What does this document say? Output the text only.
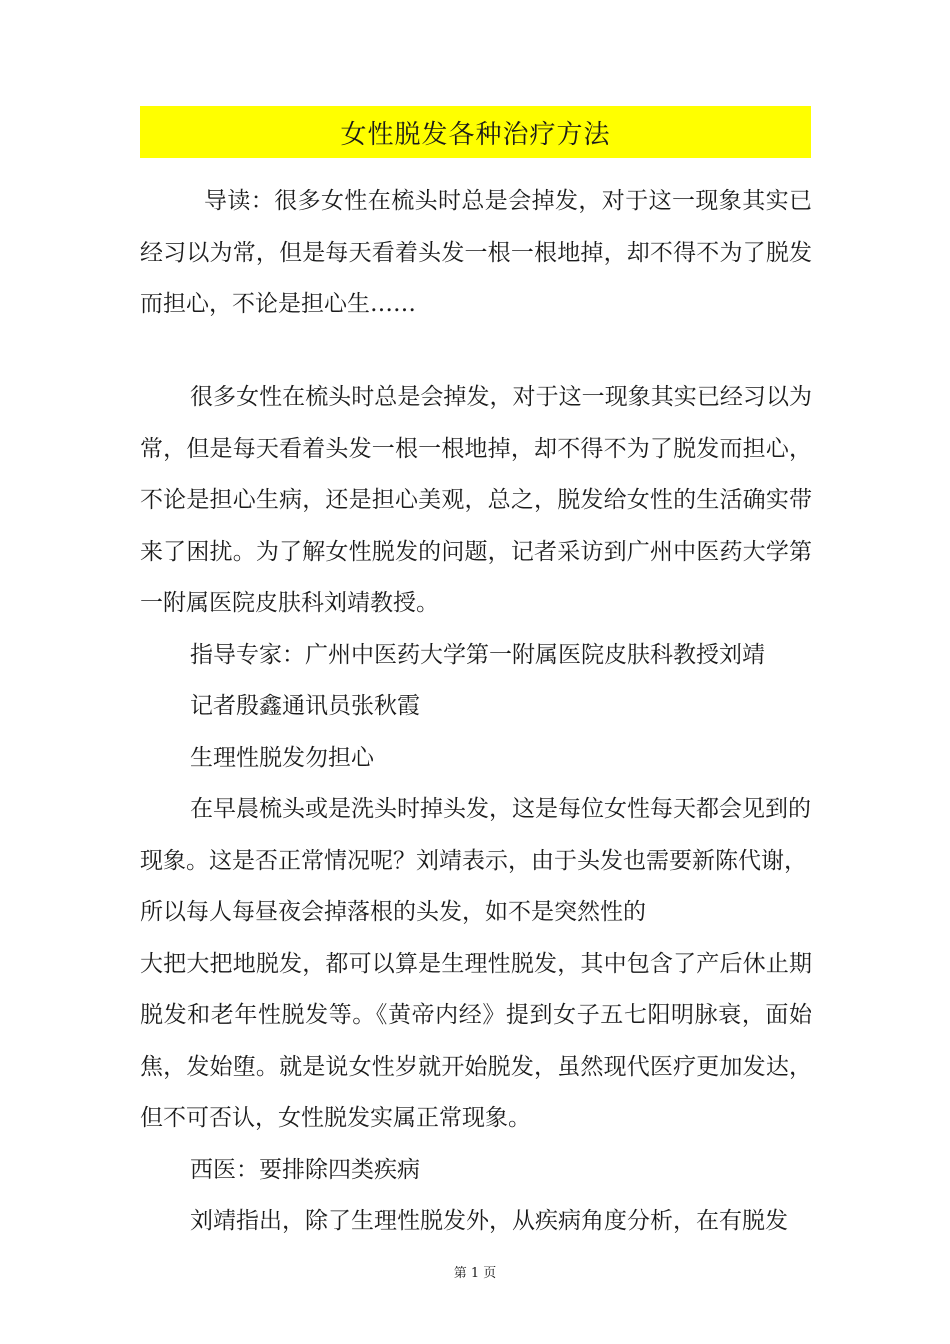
女性脱发各种治疗方法

导读：很多女性在梳头时总是会掉发，对于这一现象其实已经习以为常，但是每天看着头发一根一根地掉，却不得不为了脱发而担心，不论是担心生……

很多女性在梳头时总是会掉发，对于这一现象其实已经习以为常，但是每天看着头发一根一根地掉，却不得不为了脱发而担心，不论是担心生病，还是担心美观，总之，脱发给女性的生活确实带来了困扰。为了解女性脱发的问题，记者采访到广州中医药大学第一附属医院皮肤科刘靖教授。

指导专家：广州中医药大学第一附属医院皮肤科教授刘靖

记者殷鑫通讯员张秋霞

生理性脱发勿担心

在早晨梳头或是洗头时掉头发，这是每位女性每天都会见到的现象。这是否正常情况呢？刘靖表示，由于头发也需要新陈代谢，所以每人每昼夜会掉落根的头发，如不是突然性的

大把大把地脱发，都可以算是生理性脱发，其中包含了产后休止期脱发和老年性脱发等。《黄帝内经》提到女子五七阳明脉衰，面始焦，发始堕。就是说女性岁就开始脱发，虽然现代医疗更加发达，但不可否认，女性脱发实属正常现象。

西医：要排除四类疾病

刘靖指出，除了生理性脱发外，从疾病角度分析，在有脱发

第 1 页
